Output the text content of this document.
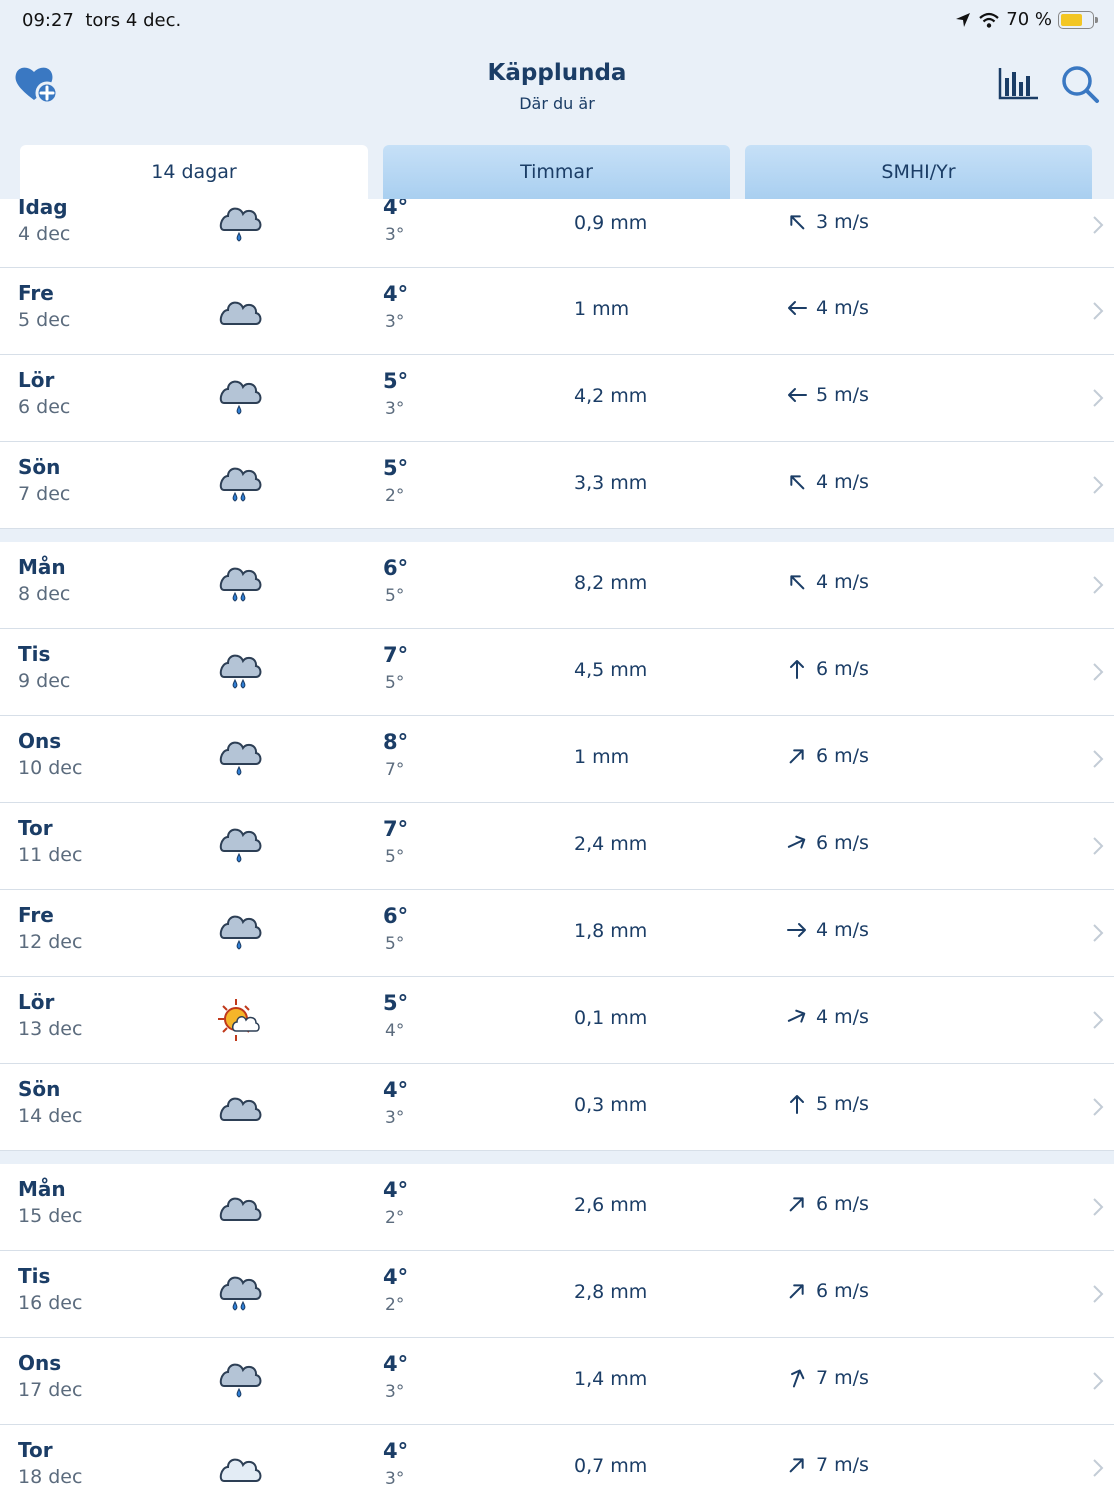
09:27 tors 4 dec.	70 %
Käpplunda
Där du är
14 dagar	Timmar	SMHI/Yr
Idag
4 dec
4°
3°
0,9 mm	3 m/s
Fre
5 dec
4°
3°
1 mm	4 m/s
Lör
6 dec
5°
3°
4,2 mm	5 m/s
Sön
7 dec
5°
2°
3,3 mm	4 m/s
Mån
8 dec
6°
5°
8,2 mm	4 m/s
Tis
9 dec
7°
5°
4,5 mm	6 m/s
Ons
10 dec
8°
7°
1 mm	6 m/s
Tor
11 dec
7°
5°
2,4 mm	6 m/s
Fre
12 dec
6°
5°
1,8 mm	4 m/s
Lör
13 dec
5°
4°
0,1 mm	4 m/s
Sön
14 dec
4°
3°
0,3 mm	5 m/s
Mån
15 dec
4°
2°
2,6 mm	6 m/s
Tis
16 dec
4°
2°
2,8 mm	6 m/s
Ons
17 dec
4°
3°
1,4 mm	7 m/s
Tor
18 dec
4°
3°
0,7 mm	7 m/s
